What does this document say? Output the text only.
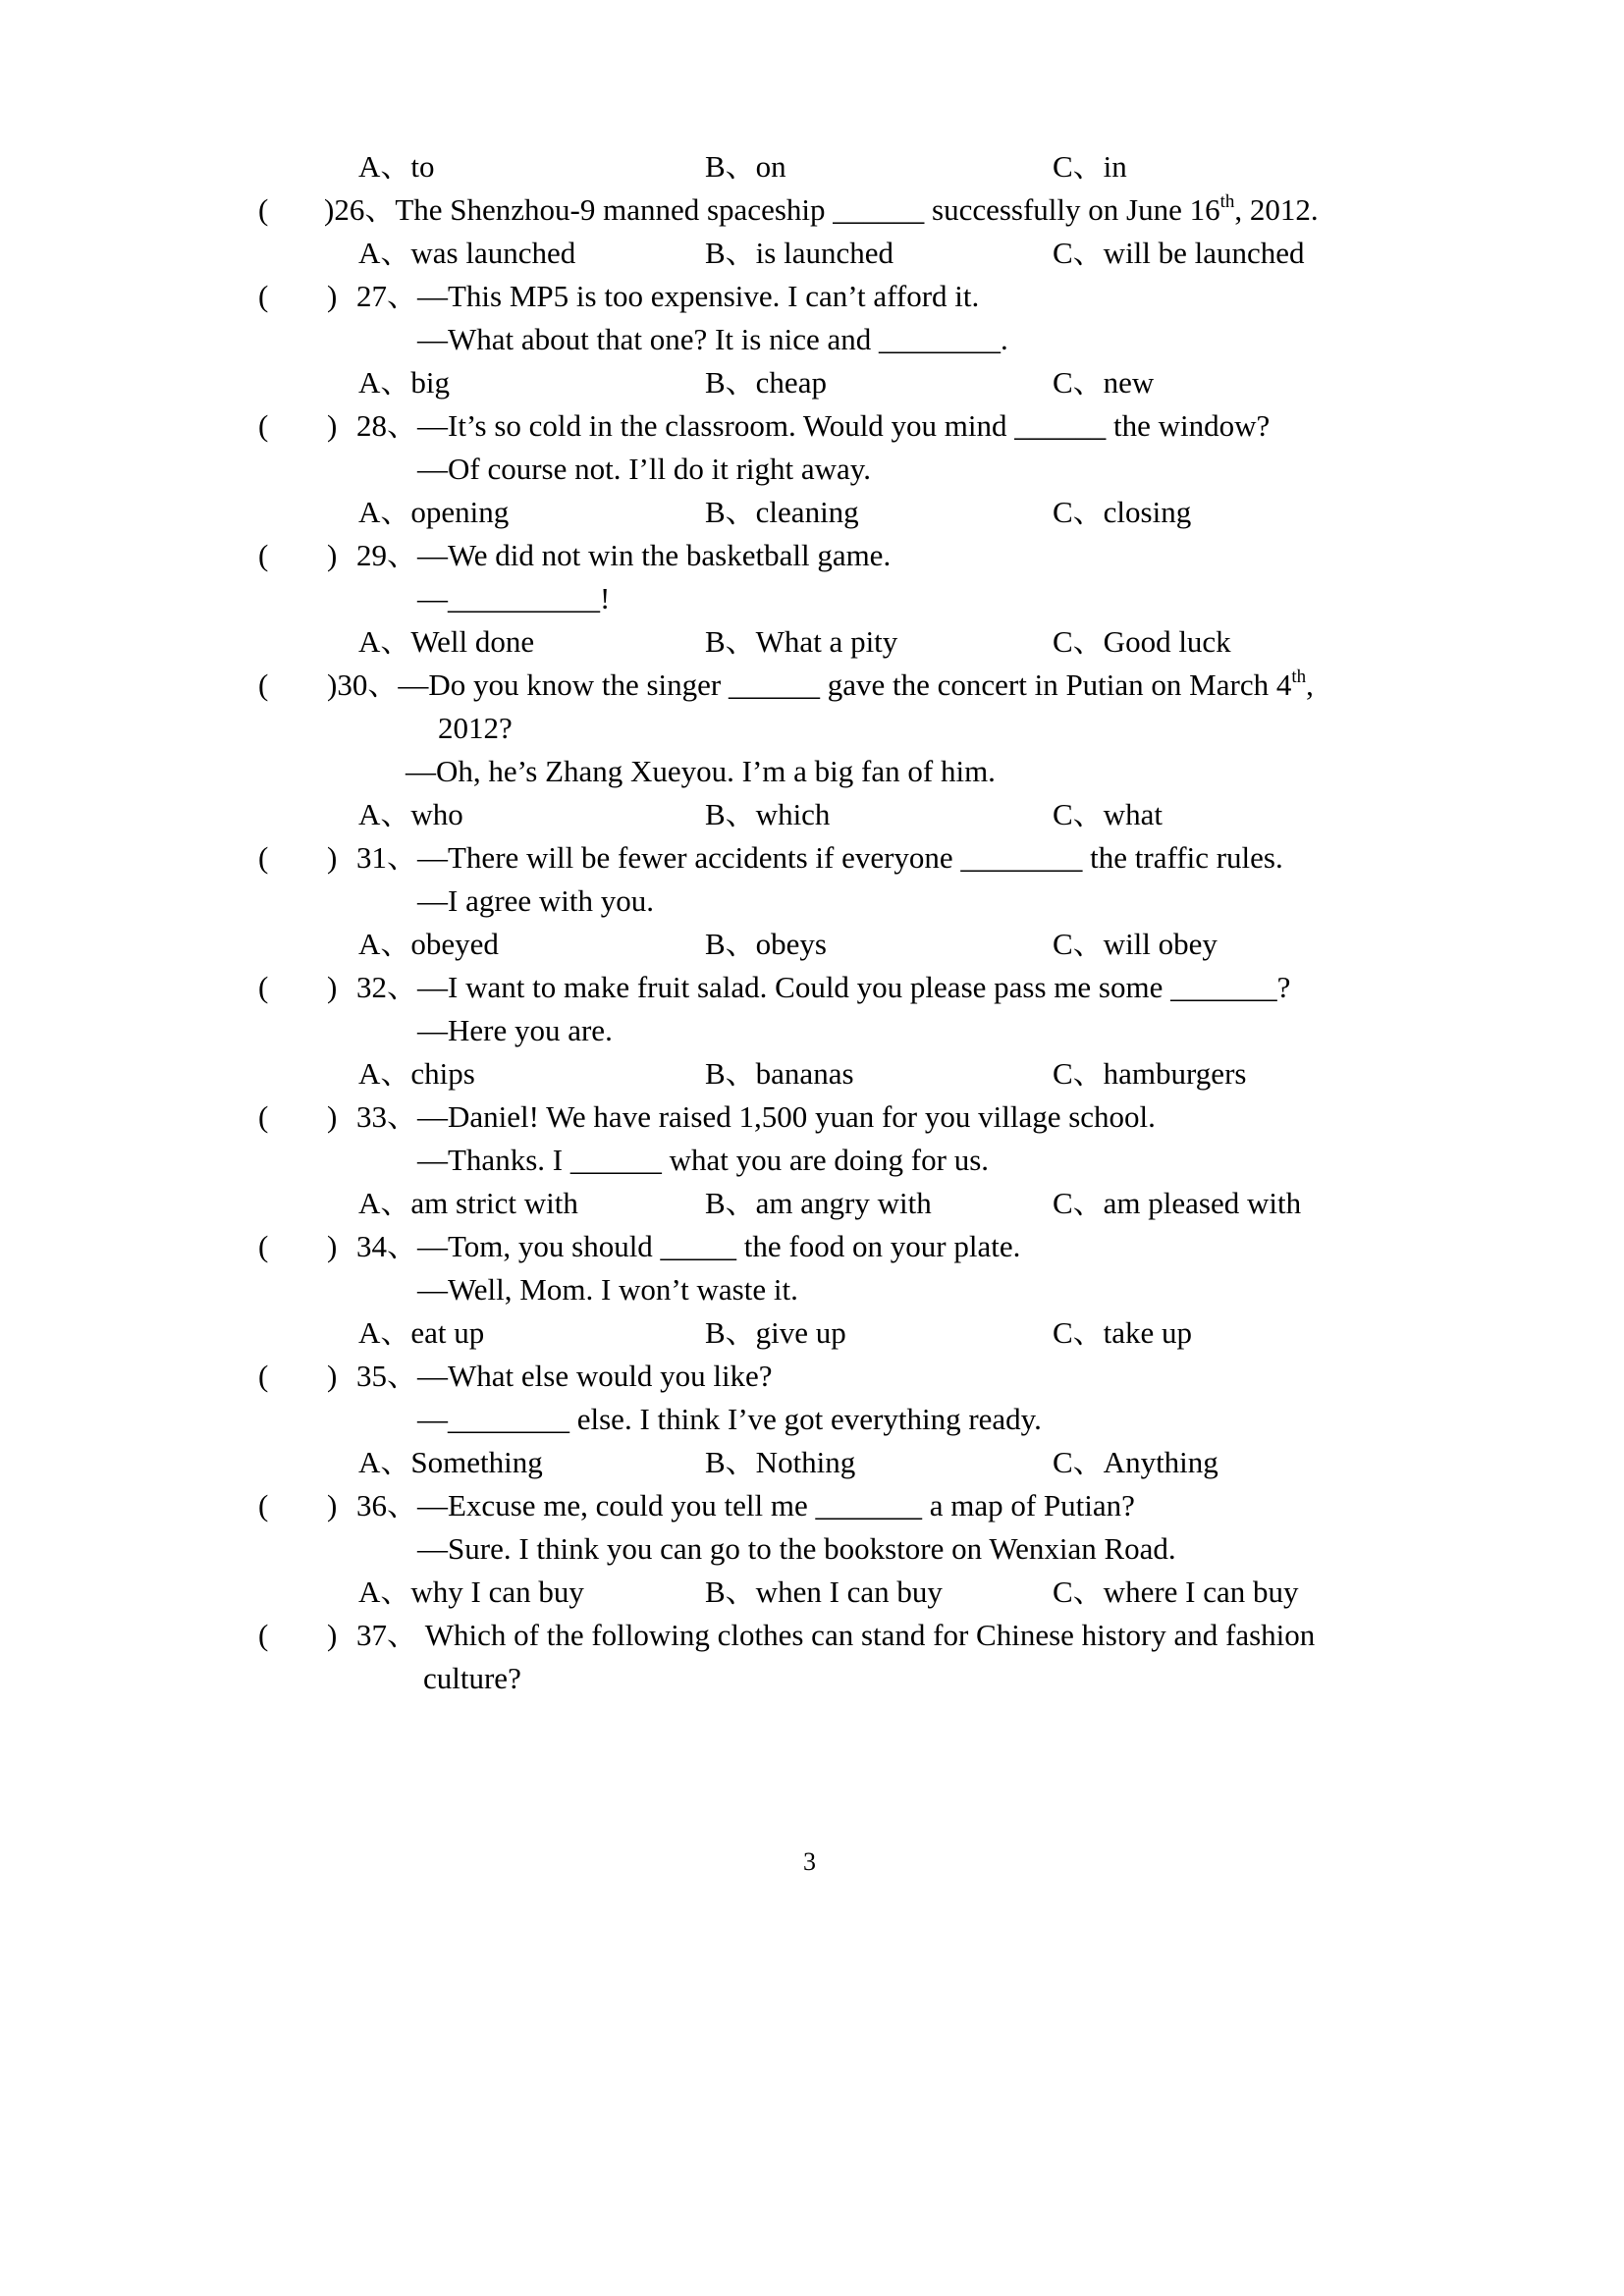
A、to	B、on	C、in
( )26、The Shenzhou-9 manned spaceship ______ successfully on June 16th, 2012.
A、was launched	B、is launched	C、will be launched
( ) 27、—This MP5 is too expensive. I can’t afford it.
—What about that one? It is nice and ________.
A、big	B、cheap	C、new
( ) 28、—It’s so cold in the classroom. Would you mind ______ the window?
—Of course not. I’ll do it right away.
A、opening	B、cleaning	C、closing
( ) 29、—We did not win the basketball game.
—__________!
A、Well done	B、What a pity	C、Good luck
( )30、—Do you know the singer ______ gave the concert in Putian on March 4th,
2012?
—Oh, he’s Zhang Xueyou. I’m a big fan of him.
A、who	B、which	C、what
( ) 31、—There will be fewer accidents if everyone ________ the traffic rules.
—I agree with you.
A、obeyed	B、obeys	C、will obey
( ) 32、—I want to make fruit salad. Could you please pass me some _______?
—Here you are.
A、chips	B、bananas	C、hamburgers
( ) 33、—Daniel! We have raised 1,500 yuan for you village school.
—Thanks. I ______ what you are doing for us.
A、am strict with	B、am angry with	C、am pleased with
( ) 34、—Tom, you should _____ the food on your plate.
—Well, Mom. I won’t waste it.
A、eat up	B、give up	C、take up
( ) 35、—What else would you like?
—________ else. I think I’ve got everything ready.
A、Something	B、Nothing	C、Anything
( ) 36、—Excuse me, could you tell me _______ a map of Putian?
—Sure. I think you can go to the bookstore on Wenxian Road.
A、why I can buy	B、when I can buy	C、where I can buy
( ) 37、 Which of the following clothes can stand for Chinese history and fashion
culture?
3
